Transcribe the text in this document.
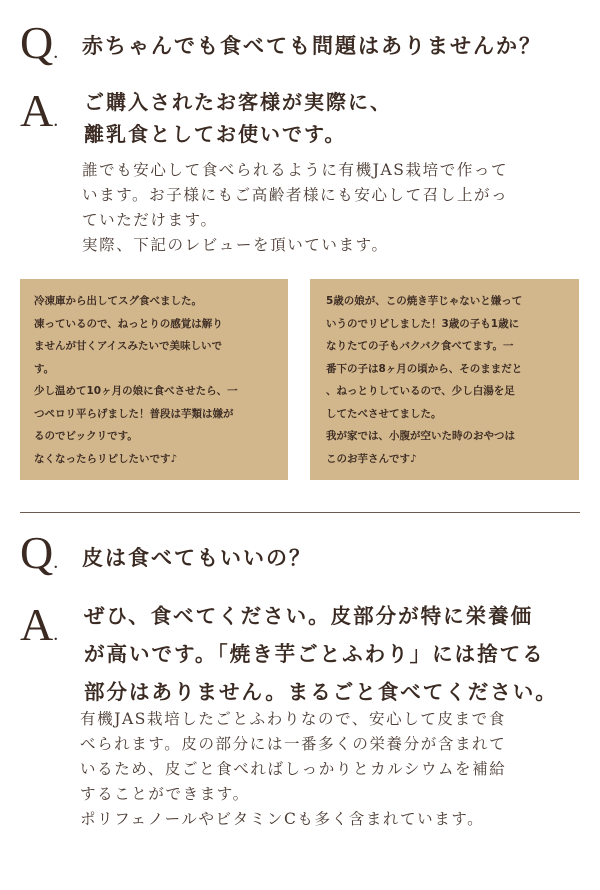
Q. 赤ちゃんでも食べても問題はありませんか？
A.
ご購入されたお客様が実際に、
離乳食としてお使いです。
誰でも安心して食べられるように有機JAS栽培で作って
います。お子様にもご高齢者様にも安心して召し上がっ
ていただけます。
実際、下記のレビューを頂いています。
冷凍庫から出してスグ食べました。
凍っているので、ねっとりの感覚は解り
ませんが甘くアイスみたいで美味しいで
す。
少し温めて10ヶ月の娘に食べさせたら、一
つペロリ平らげました！普段は芋類は嫌が
るのでビックリです。
なくなったらリピしたいです♪
5歳の娘が、この焼き芋じゃないと嫌って
いうのでリピしました！3歳の子も1歳に
なりたての子もバクバク食べてます。一
番下の子は8ヶ月の頃から、そのままだと
、ねっとりしているので、少し白湯を足
してたべさせてました。
我が家では、小腹が空いた時のおやつは
このお芋さんです♪
Q. 皮は食べてもいいの？
A.
ぜひ、食べてください。皮部分が特に栄養価
が高いです。「焼き芋ごとふわり」には捨てる
部分はありません。まるごと食べてください。
有機JAS栽培したごとふわりなので、安心して皮まで食
べられます。皮の部分には一番多くの栄養分が含まれて
いるため、皮ごと食べればしっかりとカルシウムを補給
することができます。
ポリフェノールやビタミンCも多く含まれています。
